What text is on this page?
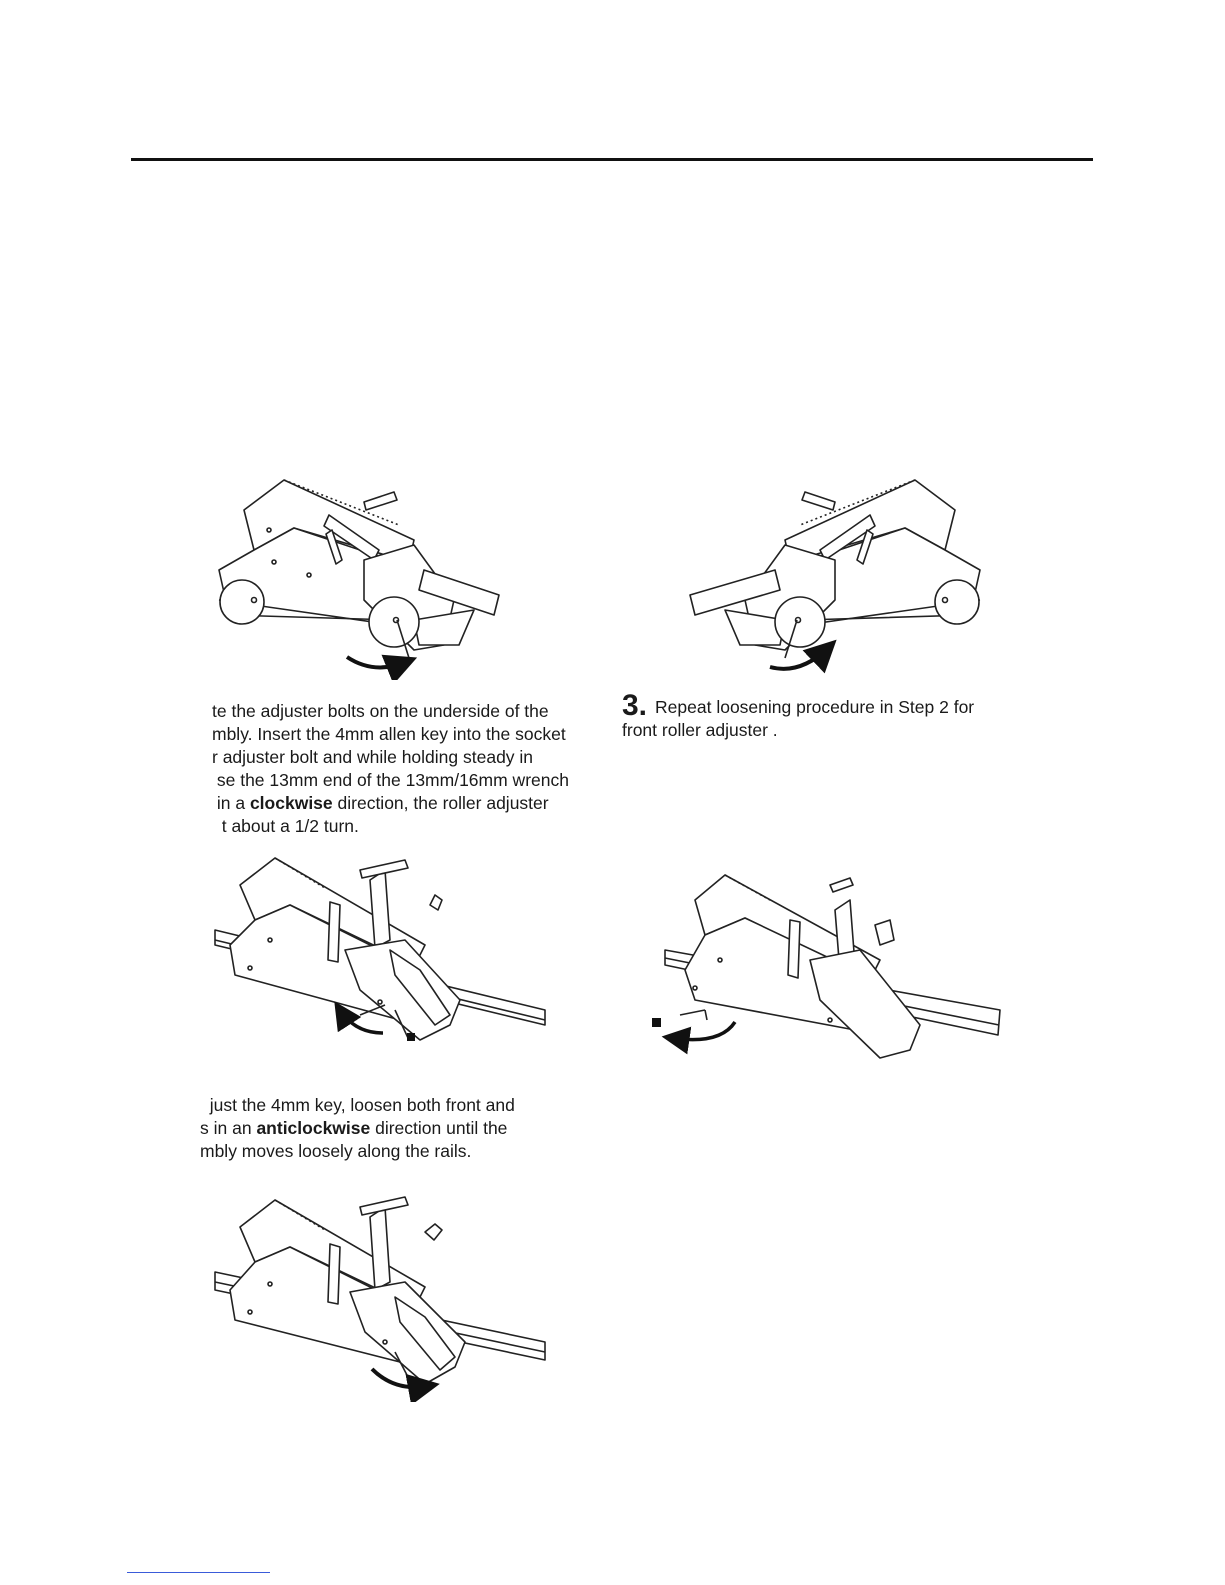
te the adjuster bolts on the underside of the
mbly. Insert the 4mm allen key into the socket
r adjuster bolt and while holding steady in
se the 13mm end of the 13mm/16mm wrench
in a clockwise direction, the roller adjuster
t about a 1/2 turn.
3. Repeat loosening procedure in Step 2 for
front roller adjuster .
just the 4mm key, loosen both front and
s in an anticlockwise direction until the
mbly moves loosely along the rails.
